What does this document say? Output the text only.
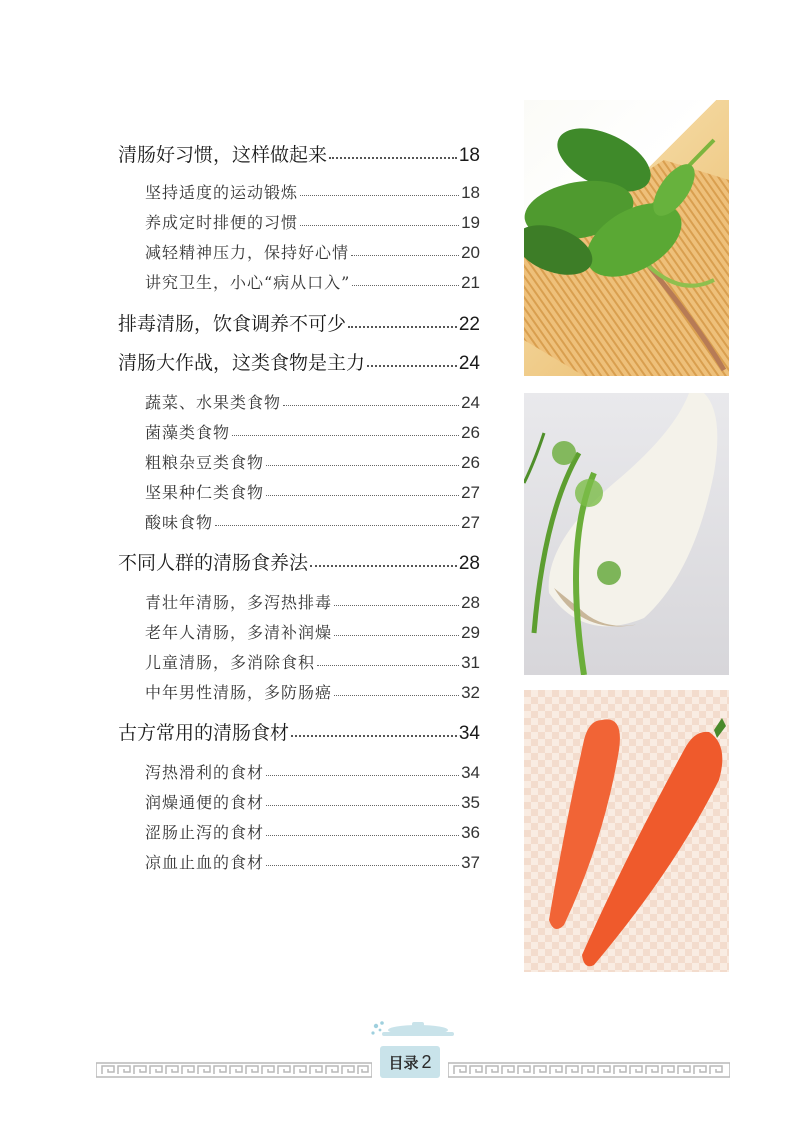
清肠好习惯，这样做起来	18
坚持适度的运动锻炼	18
养成定时排便的习惯	19
减轻精神压力，保持好心情	20
讲究卫生，小心“病从口入”	21
排毒清肠，饮食调养不可少	22
清肠大作战，这类食物是主力	24
蔬菜、水果类食物	24
菌藻类食物	26
粗粮杂豆类食物	26
坚果种仁类食物	27
酸味食物	27
不同人群的清肠食养法	28
青壮年清肠，多泻热排毒	28
老年人清肠，多清补润燥	29
儿童清肠，多消除食积	31
中年男性清肠，多防肠癌	32
古方常用的清肠食材	34
泻热滑利的食材	34
润燥通便的食材	35
涩肠止泻的食材	36
凉血止血的食材	37
目录 2
